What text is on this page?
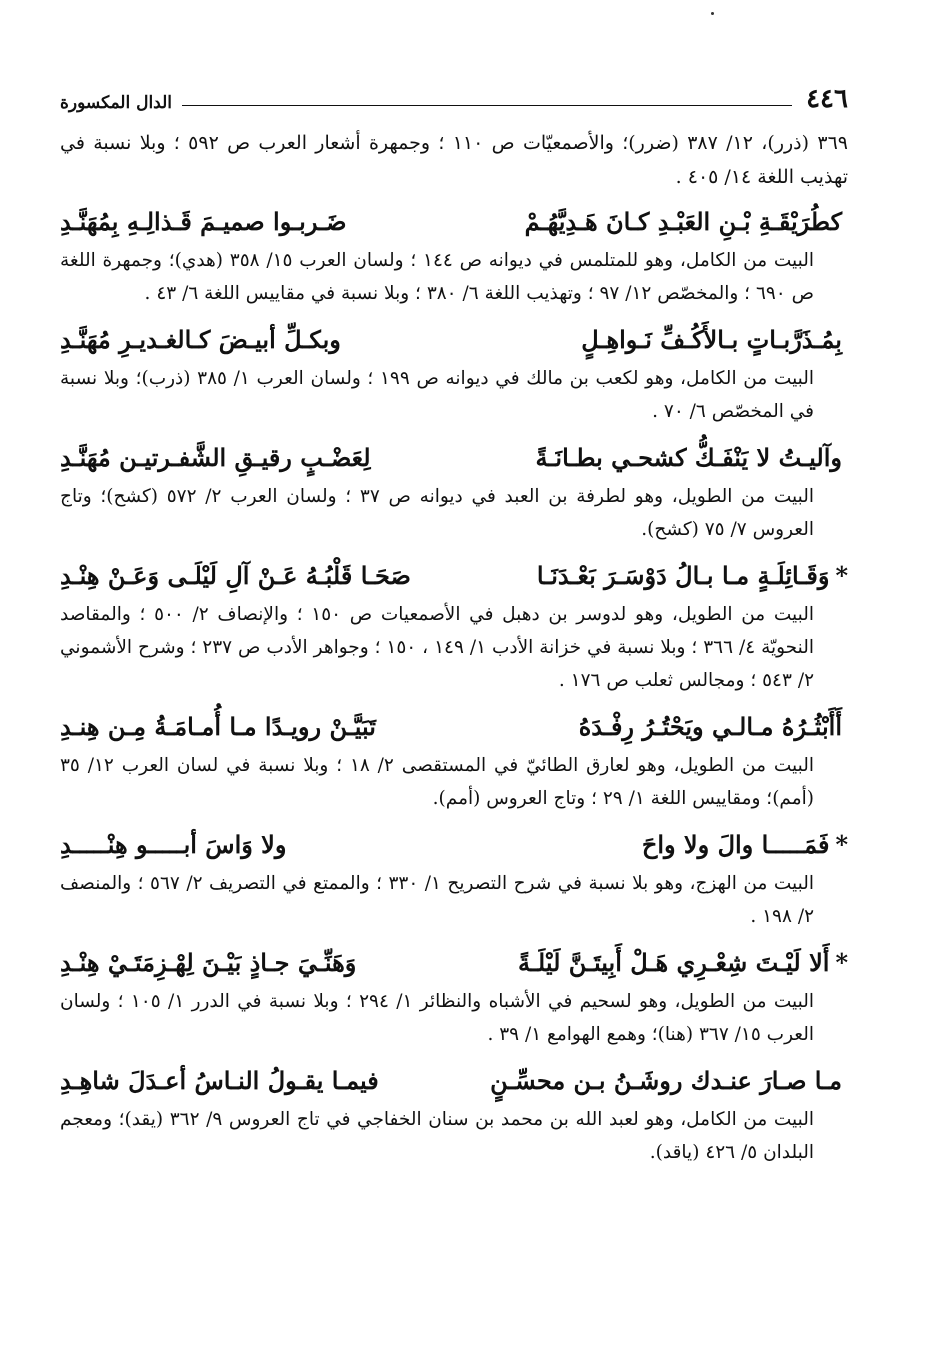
٤٤٦
الدال المكسورة

٣٦٩ (ذرر)، ١٢/ ٣٨٧ (ضرر)؛ والأصمعيّات ص ١١٠ ؛ وجمهرة أشعار العرب ص ٥٩٢ ؛ وبلا نسبة في تهذيب اللغة ١٤/ ٤٠٥ .

كطُرَيْقَـةِ بْـنِ العَبْـدِ كـانَ هَـدِيَّهُـمْ
ضَـربـوا صميـمَ قَـذالِـهِ بِمُهَنَّـدِ

البيت من الكامل، وهو للمتلمس في ديوانه ص ١٤٤ ؛ ولسان العرب ١٥/ ٣٥٨ (هدي)؛ وجمهرة اللغة ص ٦٩٠ ؛ والمخصّص ١٢/ ٩٧ ؛ وتهذيب اللغة ٦/ ٣٨٠ ؛ وبلا نسبة في مقاييس اللغة ٦/ ٤٣ .

بِمُـذَرَّبـاتٍ بـالأَكُـفِّ نَـواهِـلٍ
وبكـلِّ أبيـضَ كـالغـديـرِ مُهَنَّـدِ

البيت من الكامل، وهو لكعب بن مالك في ديوانه ص ١٩٩ ؛ ولسان العرب ١/ ٣٨٥ (ذرب)؛ وبلا نسبة في المخصّص ٦/ ٧٠ .

وآليـتُ لا يَنْفَـكُّ كشحـي بطـانَـةً
لِعَضْـبٍ رقيـقِ الشَّفـرتيـن مُهَنَّـدِ

البيت من الطويل، وهو لطرفة بن العبد في ديوانه ص ٣٧ ؛ ولسان العرب ٢/ ٥٧٢ (كشح)؛ وتاج العروس ٧/ ٧٥ (كشح).

*وَقَـائِلَـةٍ مـا بـالُ دَوْسَـرَ بَعْـدَنَـا
صَحَـا قَلْبُـهُ عَـنْ آلِ لَيْلَـى وَعَـنْ هِنْـدِ

البيت من الطويل، وهو لدوسر بن دهبل في الأصمعيات ص ١٥٠ ؛ والإنصاف ٢/ ٥٠٠ ؛ والمقاصد النحويّة ٤/ ٣٦٦ ؛ وبلا نسبة في خزانة الأدب ١/ ١٤٩ ، ١٥٠ ؛ وجواهر الأدب ص ٢٣٧ ؛ وشرح الأشموني ٢/ ٥٤٣ ؛ ومجالس ثعلب ص ١٧٦ .

أَأَبْثُـرُهُ مـالـي ويَحْتُـرُ رِفْـدَهُ
تَبَيَّـنْ رويـدًا مـا أُمـامَـةُ مِـن هِنـدِ

البيت من الطويل، وهو لعارق الطائيّ في المستقصى ٢/ ١٨ ؛ وبلا نسبة في لسان العرب ١٢/ ٣٥ (أمم)؛ ومقاييس اللغة ١/ ٢٩ ؛ وتاج العروس (أمم).

*فَمَـــــا والَ ولا واحَ
ولا وَاسَ أبـــــو هِنْـــــدِ

البيت من الهزج، وهو بلا نسبة في شرح التصريح ١/ ٣٣٠ ؛ والممتع في التصريف ٢/ ٥٦٧ ؛ والمنصف ٢/ ١٩٨ .

*أَلا لَيْـتَ شِعْـرِي هَـلْ أَبِيتَـنَّ لَيْلَـةً
وَهَنِّـيَ جـاذٍ بَيْـنَ لِهْـزِمَتَـيْ هِنْـدِ

البيت من الطويل، وهو لسحيم في الأشباه والنظائر ١/ ٢٩٤ ؛ وبلا نسبة في الدرر ١/ ١٠٥ ؛ ولسان العرب ١٥/ ٣٦٧ (هنا)؛ وهمع الهوامع ١/ ٣٩ .

مـا صـارَ عنـدك روشَـنُ بـن محسِّـنٍ
فيمـا يقـولُ النـاسُ أعـدَلَ شاهِـدِ

البيت من الكامل، وهو لعبد الله بن محمد بن سنان الخفاجي في تاج العروس ٩/ ٣٦٢ (يقد)؛ ومعجم البلدان ٥/ ٤٢٦ (ياقد).
